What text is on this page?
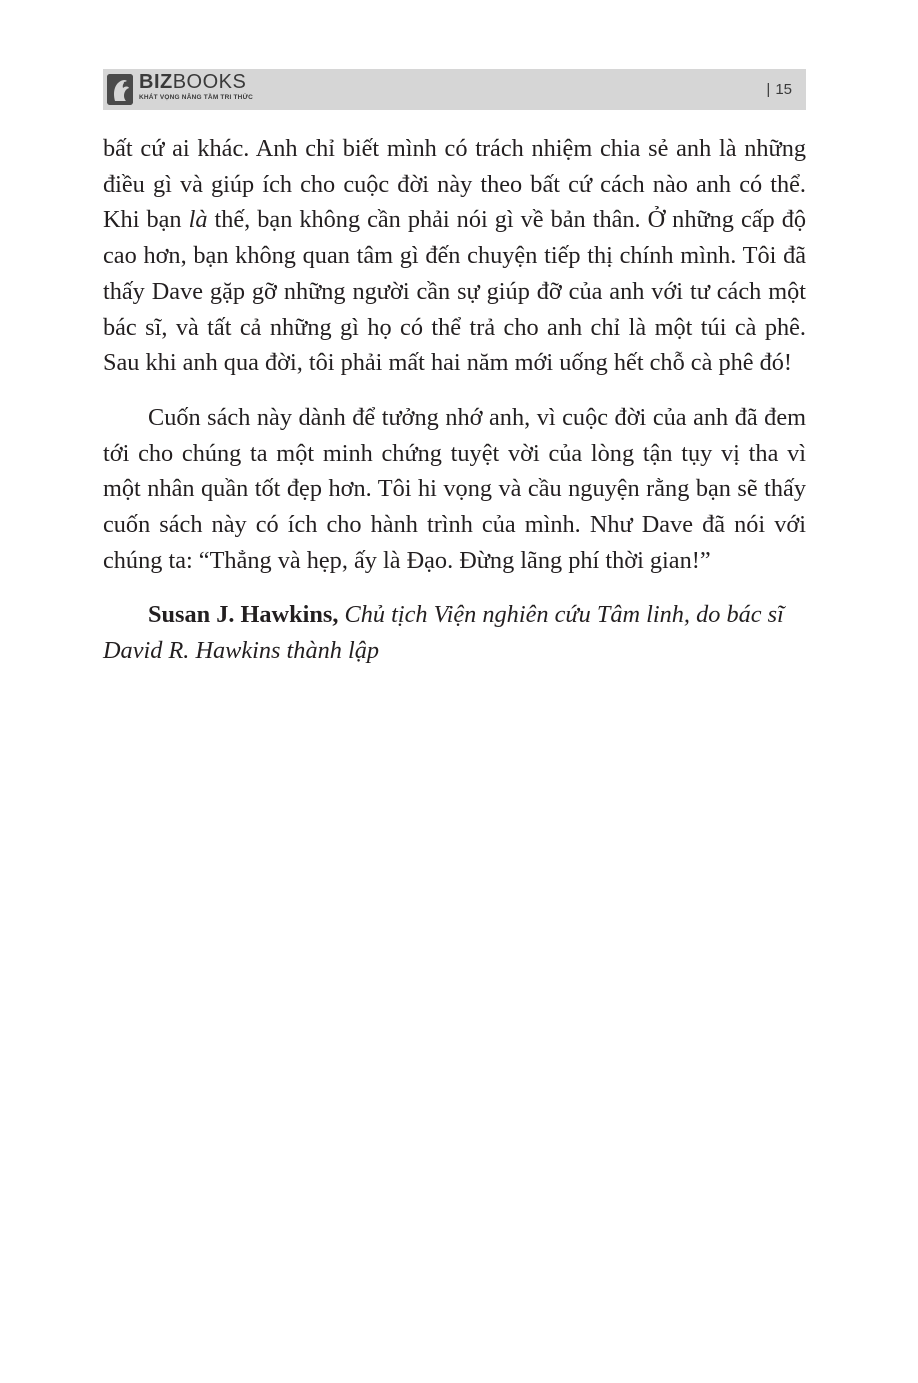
BIZBOOKS
KHÁT VỌNG NÂNG TẦM TRI THỨC	| 15

bất cứ ai khác. Anh chỉ biết mình có trách nhiệm chia sẻ anh là những điều gì và giúp ích cho cuộc đời này theo bất cứ cách nào anh có thể. Khi bạn là thế, bạn không cần phải nói gì về bản thân. Ở những cấp độ cao hơn, bạn không quan tâm gì đến chuyện tiếp thị chính mình. Tôi đã thấy Dave gặp gỡ những người cần sự giúp đỡ của anh với tư cách một bác sĩ, và tất cả những gì họ có thể trả cho anh chỉ là một túi cà phê. Sau khi anh qua đời, tôi phải mất hai năm mới uống hết chỗ cà phê đó!

Cuốn sách này dành để tưởng nhớ anh, vì cuộc đời của anh đã đem tới cho chúng ta một minh chứng tuyệt vời của lòng tận tụy vị tha vì một nhân quần tốt đẹp hơn. Tôi hi vọng và cầu nguyện rằng bạn sẽ thấy cuốn sách này có ích cho hành trình của mình. Như Dave đã nói với chúng ta: “Thẳng và hẹp, ấy là Đạo. Đừng lãng phí thời gian!”

Susan J. Hawkins, Chủ tịch Viện nghiên cứu Tâm linh, do bác sĩ David R. Hawkins thành lập
